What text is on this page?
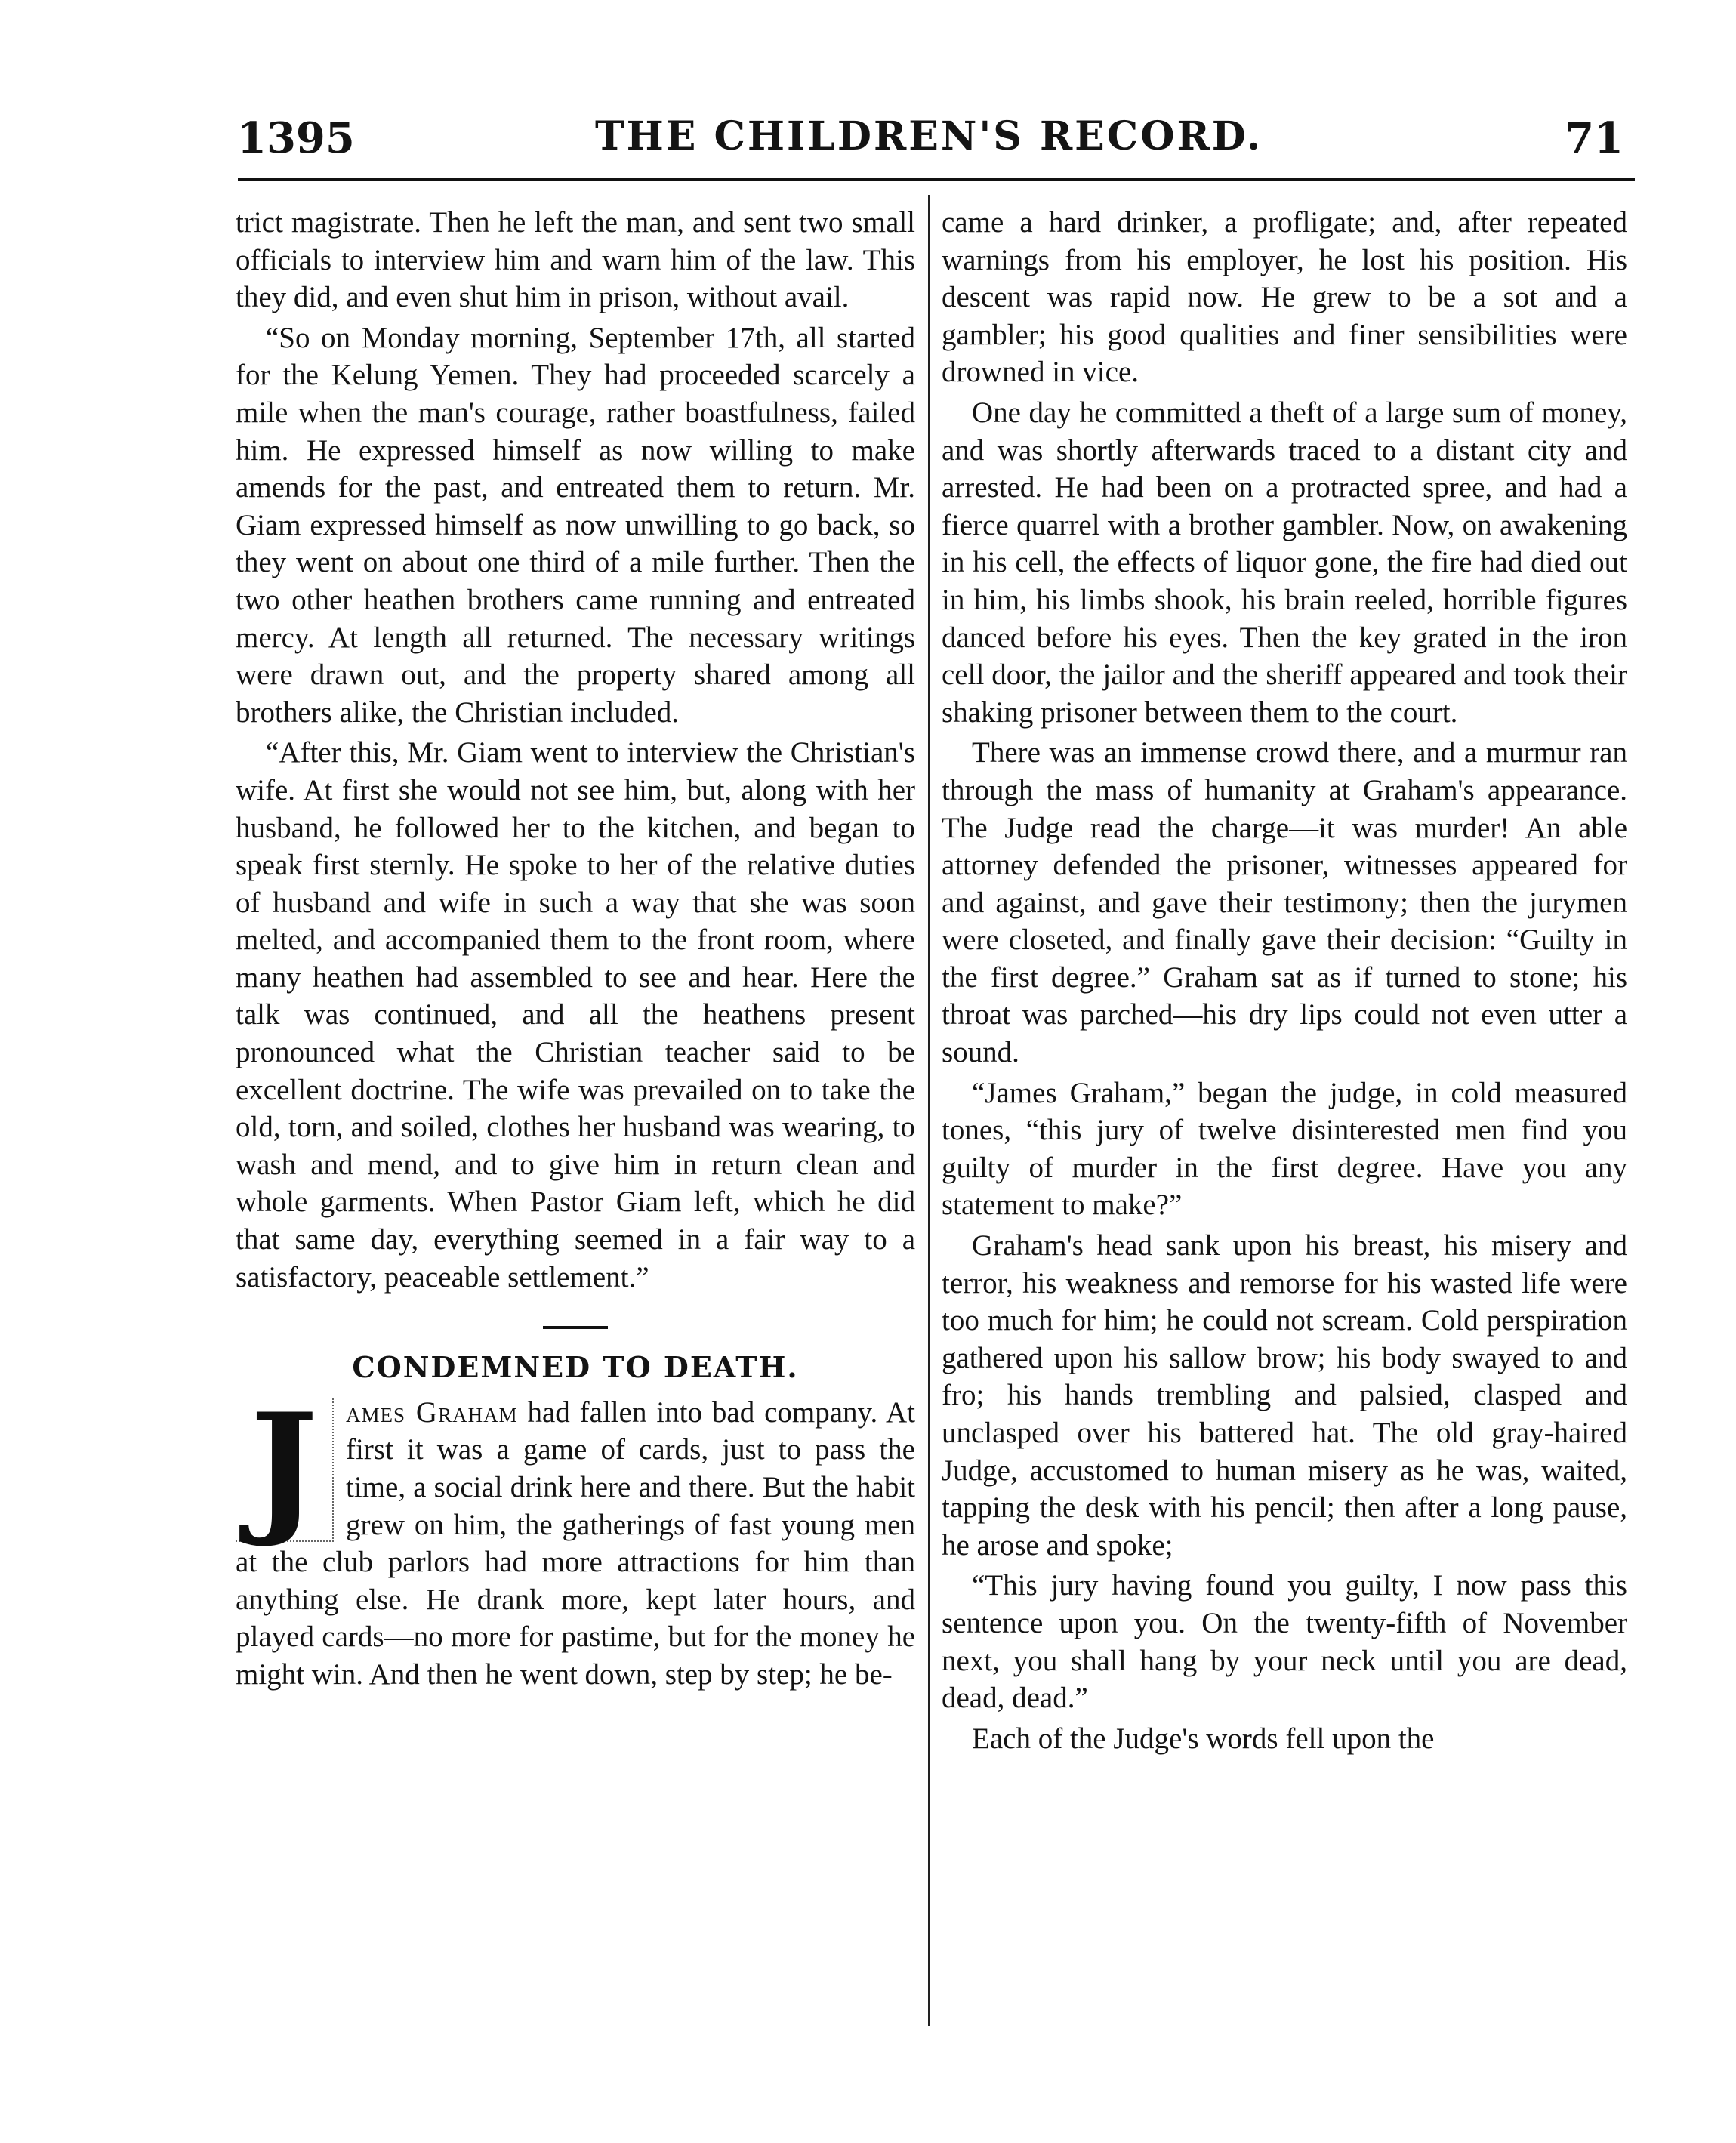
1395	THE CHILDREN'S RECORD.	71

trict magistrate. Then he left the man, and sent two small officials to interview him and warn him of the law. This they did, and even shut him in prison, without avail.

“So on Monday morning, September 17th, all started for the Kelung Yemen. They had proceeded scarcely a mile when the man's courage, rather boastfulness, failed him. He expressed himself as now willing to make amends for the past, and entreated them to return. Mr. Giam expressed himself as now unwilling to go back, so they went on about one third of a mile further. Then the two other heathen brothers came running and entreated mercy. At length all returned. The necessary writings were drawn out, and the property shared among all brothers alike, the Christian included.

“After this, Mr. Giam went to interview the Christian's wife. At first she would not see him, but, along with her husband, he followed her to the kitchen, and began to speak first sternly. He spoke to her of the relative duties of husband and wife in such a way that she was soon melted, and accompanied them to the front room, where many heathen had assembled to see and hear. Here the talk was continued, and all the heathens present pronounced what the Christian teacher said to be excellent doctrine. The wife was prevailed on to take the old, torn, and soiled, clothes her husband was wearing, to wash and mend, and to give him in return clean and whole garments. When Pastor Giam left, which he did that same day, everything seemed in a fair way to a satisfactory, peaceable settlement.”

CONDEMNED TO DEATH.

J ames Graham had fallen into bad company. At first it was a game of cards, just to pass the time, a social drink here and there. But the habit grew on him, the gatherings of fast young men at the club parlors had more attractions for him than anything else. He drank more, kept later hours, and played cards—no more for pastime, but for the money he might win. And then he went down, step by step; he be-

came a hard drinker, a profligate; and, after repeated warnings from his employer, he lost his position. His descent was rapid now. He grew to be a sot and a gambler; his good qualities and finer sensibilities were drowned in vice.

One day he committed a theft of a large sum of money, and was shortly afterwards traced to a distant city and arrested. He had been on a protracted spree, and had a fierce quarrel with a brother gambler. Now, on awakening in his cell, the effects of liquor gone, the fire had died out in him, his limbs shook, his brain reeled, horrible figures danced before his eyes. Then the key grated in the iron cell door, the jailor and the sheriff appeared and took their shaking prisoner between them to the court.

There was an immense crowd there, and a murmur ran through the mass of humanity at Graham's appearance. The Judge read the charge—it was murder! An able attorney defended the prisoner, witnesses appeared for and against, and gave their testimony; then the jurymen were closeted, and finally gave their decision: “Guilty in the first degree.” Graham sat as if turned to stone; his throat was parched—his dry lips could not even utter a sound.

“James Graham,” began the judge, in cold measured tones, “this jury of twelve disinterested men find you guilty of murder in the first degree. Have you any statement to make?”

Graham's head sank upon his breast, his misery and terror, his weakness and remorse for his wasted life were too much for him; he could not scream. Cold perspiration gathered upon his sallow brow; his body swayed to and fro; his hands trembling and palsied, clasped and unclasped over his battered hat. The old gray-haired Judge, accustomed to human misery as he was, waited, tapping the desk with his pencil; then after a long pause, he arose and spoke;

“This jury having found you guilty, I now pass this sentence upon you. On the twenty-fifth of November next, you shall hang by your neck until you are dead, dead, dead.”

Each of the Judge's words fell upon the
